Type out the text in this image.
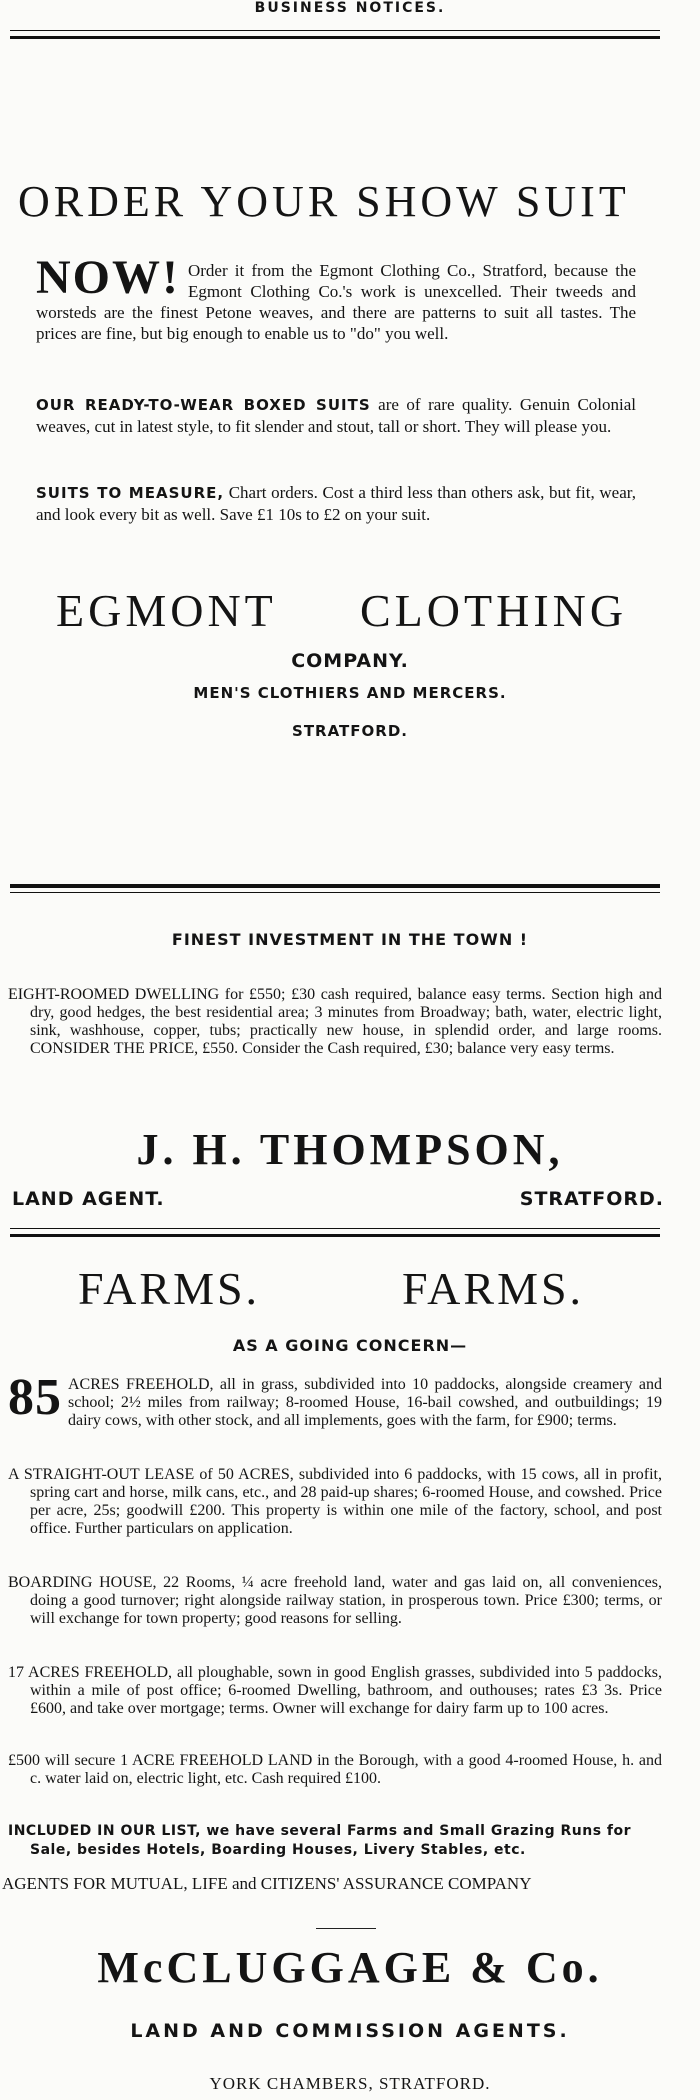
BUSINESS NOTICES.
ORDER YOUR SHOW SUIT
NOW! Order it from the Egmont Clothing Co., Stratford, because the Egmont Clothing Co.'s work is unexcelled. Their tweeds and worsteds are the finest Petone weaves, and there are patterns to suit all tastes. The prices are fine, but big enough to enable us to "do" you well.

OUR READY-TO-WEAR BOXED SUITS are of rare quality. Genuin Colonial weaves, cut in latest style, to fit slender and stout, tall or short. They will please you.
SUITS TO MEASURE, Chart orders. Cost a third less than others ask, but fit, wear, and look every bit as well. Save £1 10s to £2 on your suit.
EGMONT CLOTHING
COMPANY.
MEN'S CLOTHIERS AND MERCERS.
STRATFORD.
FINEST INVESTMENT IN THE TOWN !

EIGHT-ROOMED DWELLING for £550; £30 cash required, balance easy terms. Section high and dry, good hedges, the best residential area; 3 minutes from Broadway; bath, water, electric light, sink, washhouse, copper, tubs; practically new house, in splendid order, and large rooms. CONSIDER THE PRICE, £550. Consider the Cash required, £30; balance very easy terms.

J. H. THOMPSON,
LAND AGENT.	STRATFORD.
FARMS.	FARMS.
AS A GOING CONCERN—
85 ACRES FREEHOLD, all in grass, subdivided into 10 paddocks, alongside creamery and school; 2½ miles from railway; 8-roomed House, 16-bail cowshed, and outbuildings; 19 dairy cows, with other stock, and all implements, goes with the farm, for £900; terms.

A STRAIGHT-OUT LEASE of 50 ACRES, subdivided into 6 paddocks, with 15 cows, all in profit, spring cart and horse, milk cans, etc., and 28 paid-up shares; 6-roomed House, and cowshed. Price per acre, 25s; goodwill £200. This property is within one mile of the factory, school, and post office. Further particulars on application.

BOARDING HOUSE, 22 Rooms, ¼ acre freehold land, water and gas laid on, all conveniences, doing a good turnover; right alongside railway station, in prosperous town. Price £300; terms, or will exchange for town property; good reasons for selling.

17 ACRES FREEHOLD, all ploughable, sown in good English grasses, subdivided into 5 paddocks, within a mile of post office; 6-roomed Dwelling, bathroom, and outhouses; rates £3 3s. Price £600, and take over mortgage; terms. Owner will exchange for dairy farm up to 100 acres.

£500 will secure 1 ACRE FREEHOLD LAND in the Borough, with a good 4-roomed House, h. and c. water laid on, electric light, etc. Cash required £100.

INCLUDED IN OUR LIST, we have several Farms and Small Grazing Runs for Sale, besides Hotels, Boarding Houses, Livery Stables, etc.

AGENTS FOR MUTUAL, LIFE and CITIZENS' ASSURANCE COMPANY
McCLUGGAGE & Co.
LAND AND COMMISSION AGENTS.
YORK CHAMBERS, STRATFORD.
